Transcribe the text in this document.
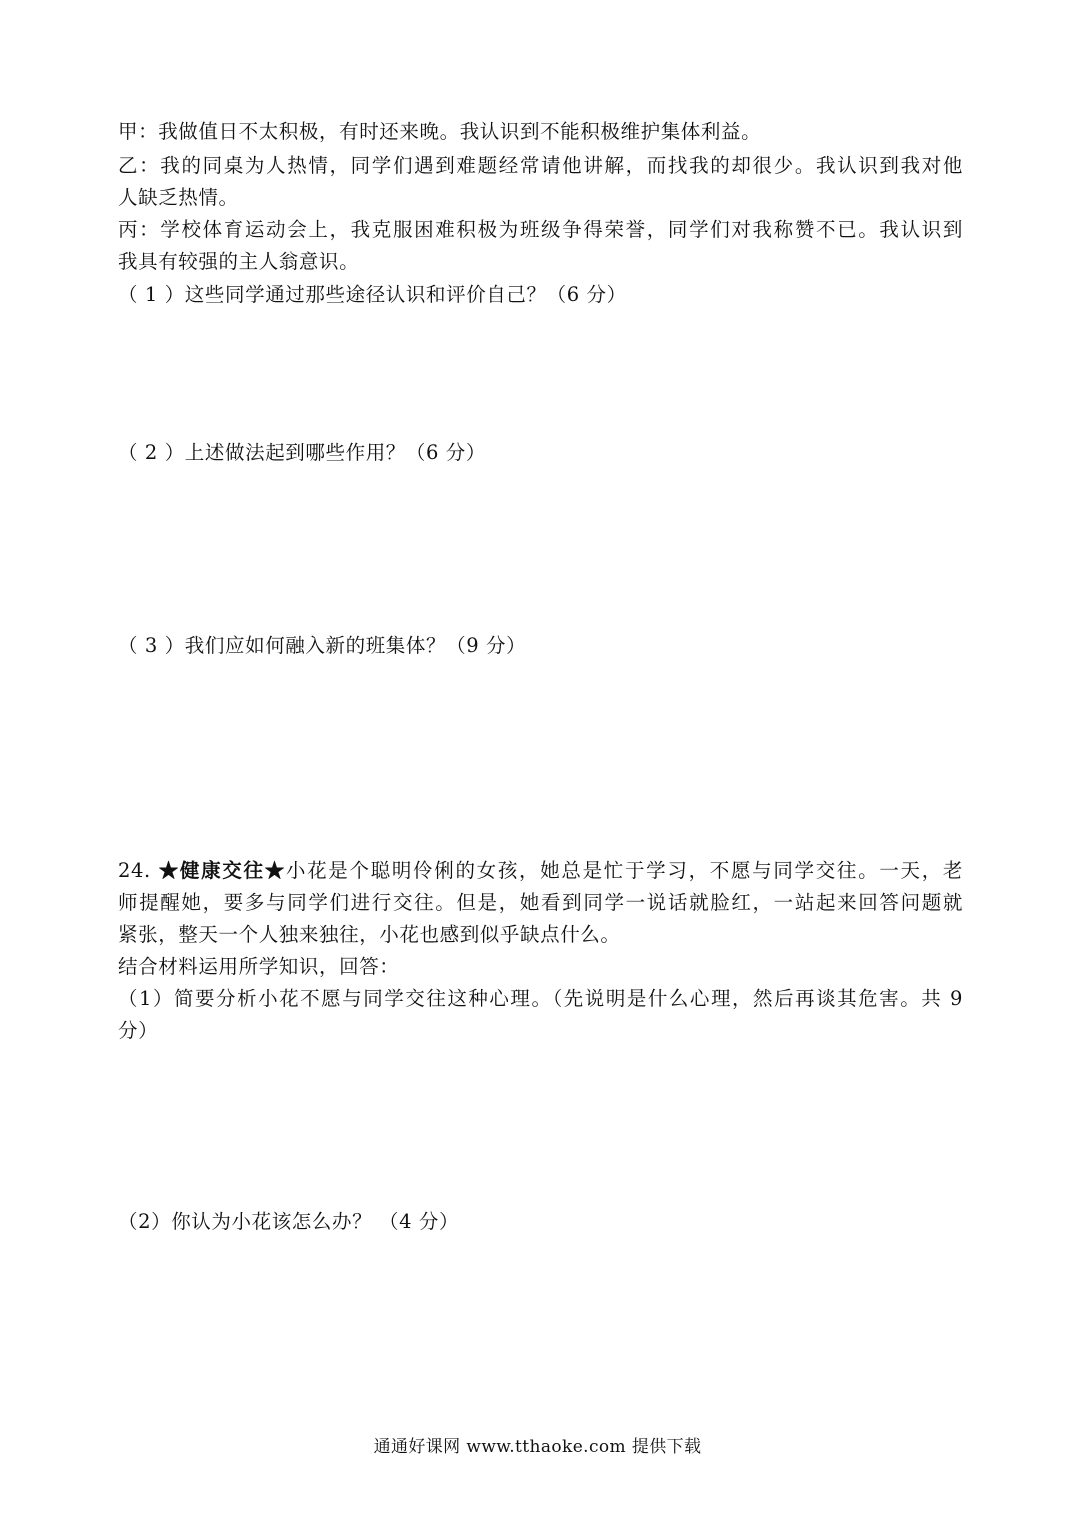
甲：我做值日不太积极，有时还来晚。我认识到不能积极维护集体利益。
乙：我的同桌为人热情，同学们遇到难题经常请他讲解，而找我的却很少。我认识到我对他
人缺乏热情。
丙：学校体育运动会上，我克服困难积极为班级争得荣誉，同学们对我称赞不已。我认识到
我具有较强的主人翁意识。
（ 1 ）这些同学通过那些途径认识和评价自己？（6 分）
（ 2 ）上述做法起到哪些作用？（6 分）
（ 3 ）我们应如何融入新的班集体？（9 分）
24. ★健康交往★小花是个聪明伶俐的女孩，她总是忙于学习，不愿与同学交往。一天，老
师提醒她，要多与同学们进行交往。但是，她看到同学一说话就脸红，一站起来回答问题就
紧张，整天一个人独来独往，小花也感到似乎缺点什么。
结合材料运用所学知识，回答：
（1）简要分析小花不愿与同学交往这种心理。（先说明是什么心理，然后再谈其危害。共 9
分）
（2）你认为小花该怎么办？ （4 分）
通通好课网 www.tthaoke.com 提供下载
